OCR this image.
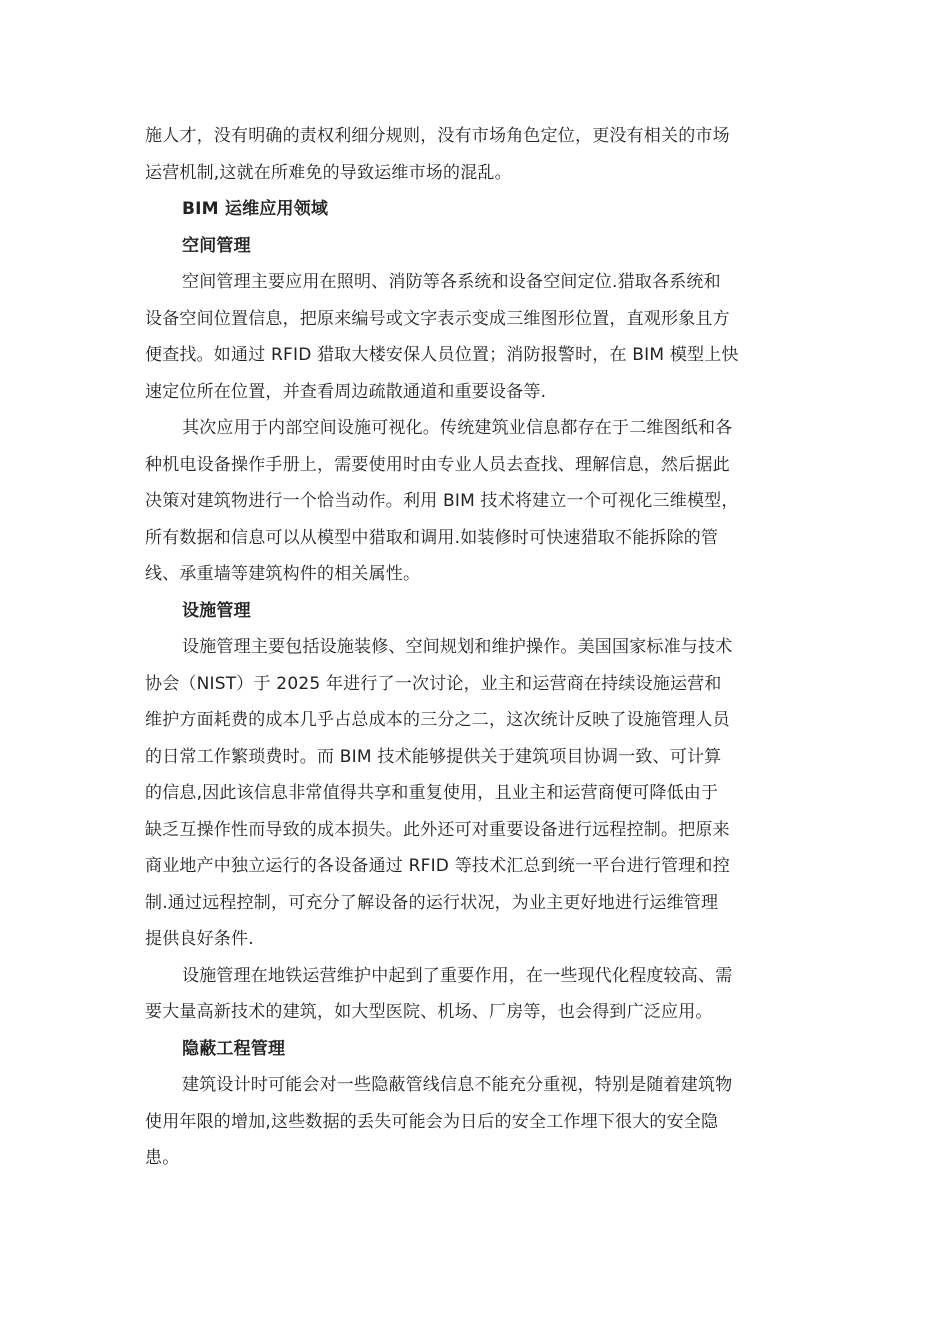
施人才，没有明确的责权利细分规则，没有市场角色定位，更没有相关的市场
运营机制,这就在所难免的导致运维市场的混乱。
BIM 运维应用领域
空间管理
空间管理主要应用在照明、消防等各系统和设备空间定位.猎取各系统和
设备空间位置信息，把原来编号或文字表示变成三维图形位置，直观形象且方
便查找。如通过 RFID 猎取大楼安保人员位置；消防报警时，在 BIM 模型上快
速定位所在位置，并查看周边疏散通道和重要设备等.
其次应用于内部空间设施可视化。传统建筑业信息都存在于二维图纸和各
种机电设备操作手册上，需要使用时由专业人员去查找、理解信息，然后据此
决策对建筑物进行一个恰当动作。利用 BIM 技术将建立一个可视化三维模型，
所有数据和信息可以从模型中猎取和调用.如装修时可快速猎取不能拆除的管
线、承重墙等建筑构件的相关属性。
设施管理
设施管理主要包括设施装修、空间规划和维护操作。美国国家标准与技术
协会（NIST）于 2025 年进行了一次讨论，业主和运营商在持续设施运营和
维护方面耗费的成本几乎占总成本的三分之二，这次统计反映了设施管理人员
的日常工作繁琐费时。而 BIM 技术能够提供关于建筑项目协调一致、可计算
的信息,因此该信息非常值得共享和重复使用，且业主和运营商便可降低由于
缺乏互操作性而导致的成本损失。此外还可对重要设备进行远程控制。把原来
商业地产中独立运行的各设备通过 RFID 等技术汇总到统一平台进行管理和控
制.通过远程控制，可充分了解设备的运行状况，为业主更好地进行运维管理
提供良好条件.
设施管理在地铁运营维护中起到了重要作用，在一些现代化程度较高、需
要大量高新技术的建筑，如大型医院、机场、厂房等，也会得到广泛应用。
隐蔽工程管理
建筑设计时可能会对一些隐蔽管线信息不能充分重视，特别是随着建筑物
使用年限的增加,这些数据的丢失可能会为日后的安全工作埋下很大的安全隐
患。
